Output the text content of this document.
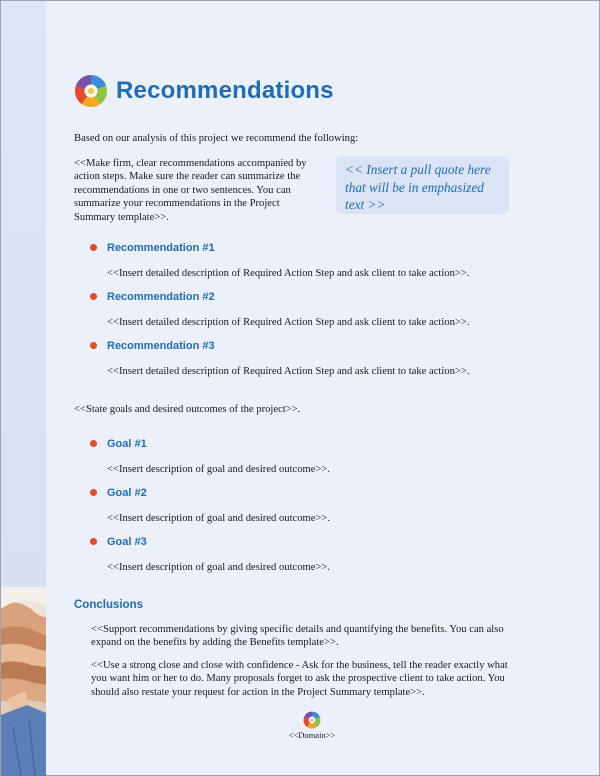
Recommendations

Based on our analysis of this project we recommend the following:

<<Make firm, clear recommendations accompanied by
action steps. Make sure the reader can summarize the
recommendations in one or two sentences. You can
summarize your recommendations in the Project
Summary template>>.
<< Insert a pull quote here
that will be in emphasized
text >>
Recommendation #1
<<Insert detailed description of Required Action Step and ask client to take action>>.
Recommendation #2
<<Insert detailed description of Required Action Step and ask client to take action>>.
Recommendation #3
<<Insert detailed description of Required Action Step and ask client to take action>>.

<<State goals and desired outcomes of the project>>.

Goal #1
<<Insert description of goal and desired outcome>>.
Goal #2
<<Insert description of goal and desired outcome>>.
Goal #3
<<Insert description of goal and desired outcome>>.
Conclusions
<<Support recommendations by giving specific details and quantifying the benefits. You can also
expand on the benefits by adding the Benefits template>>.
<<Use a strong close and close with confidence - Ask for the business, tell the reader exactly what
you want him or her to do. Many proposals forget to ask the prospective client to take action. You
should also restate your request for action in the Project Summary template>>.
<<Domain>>
